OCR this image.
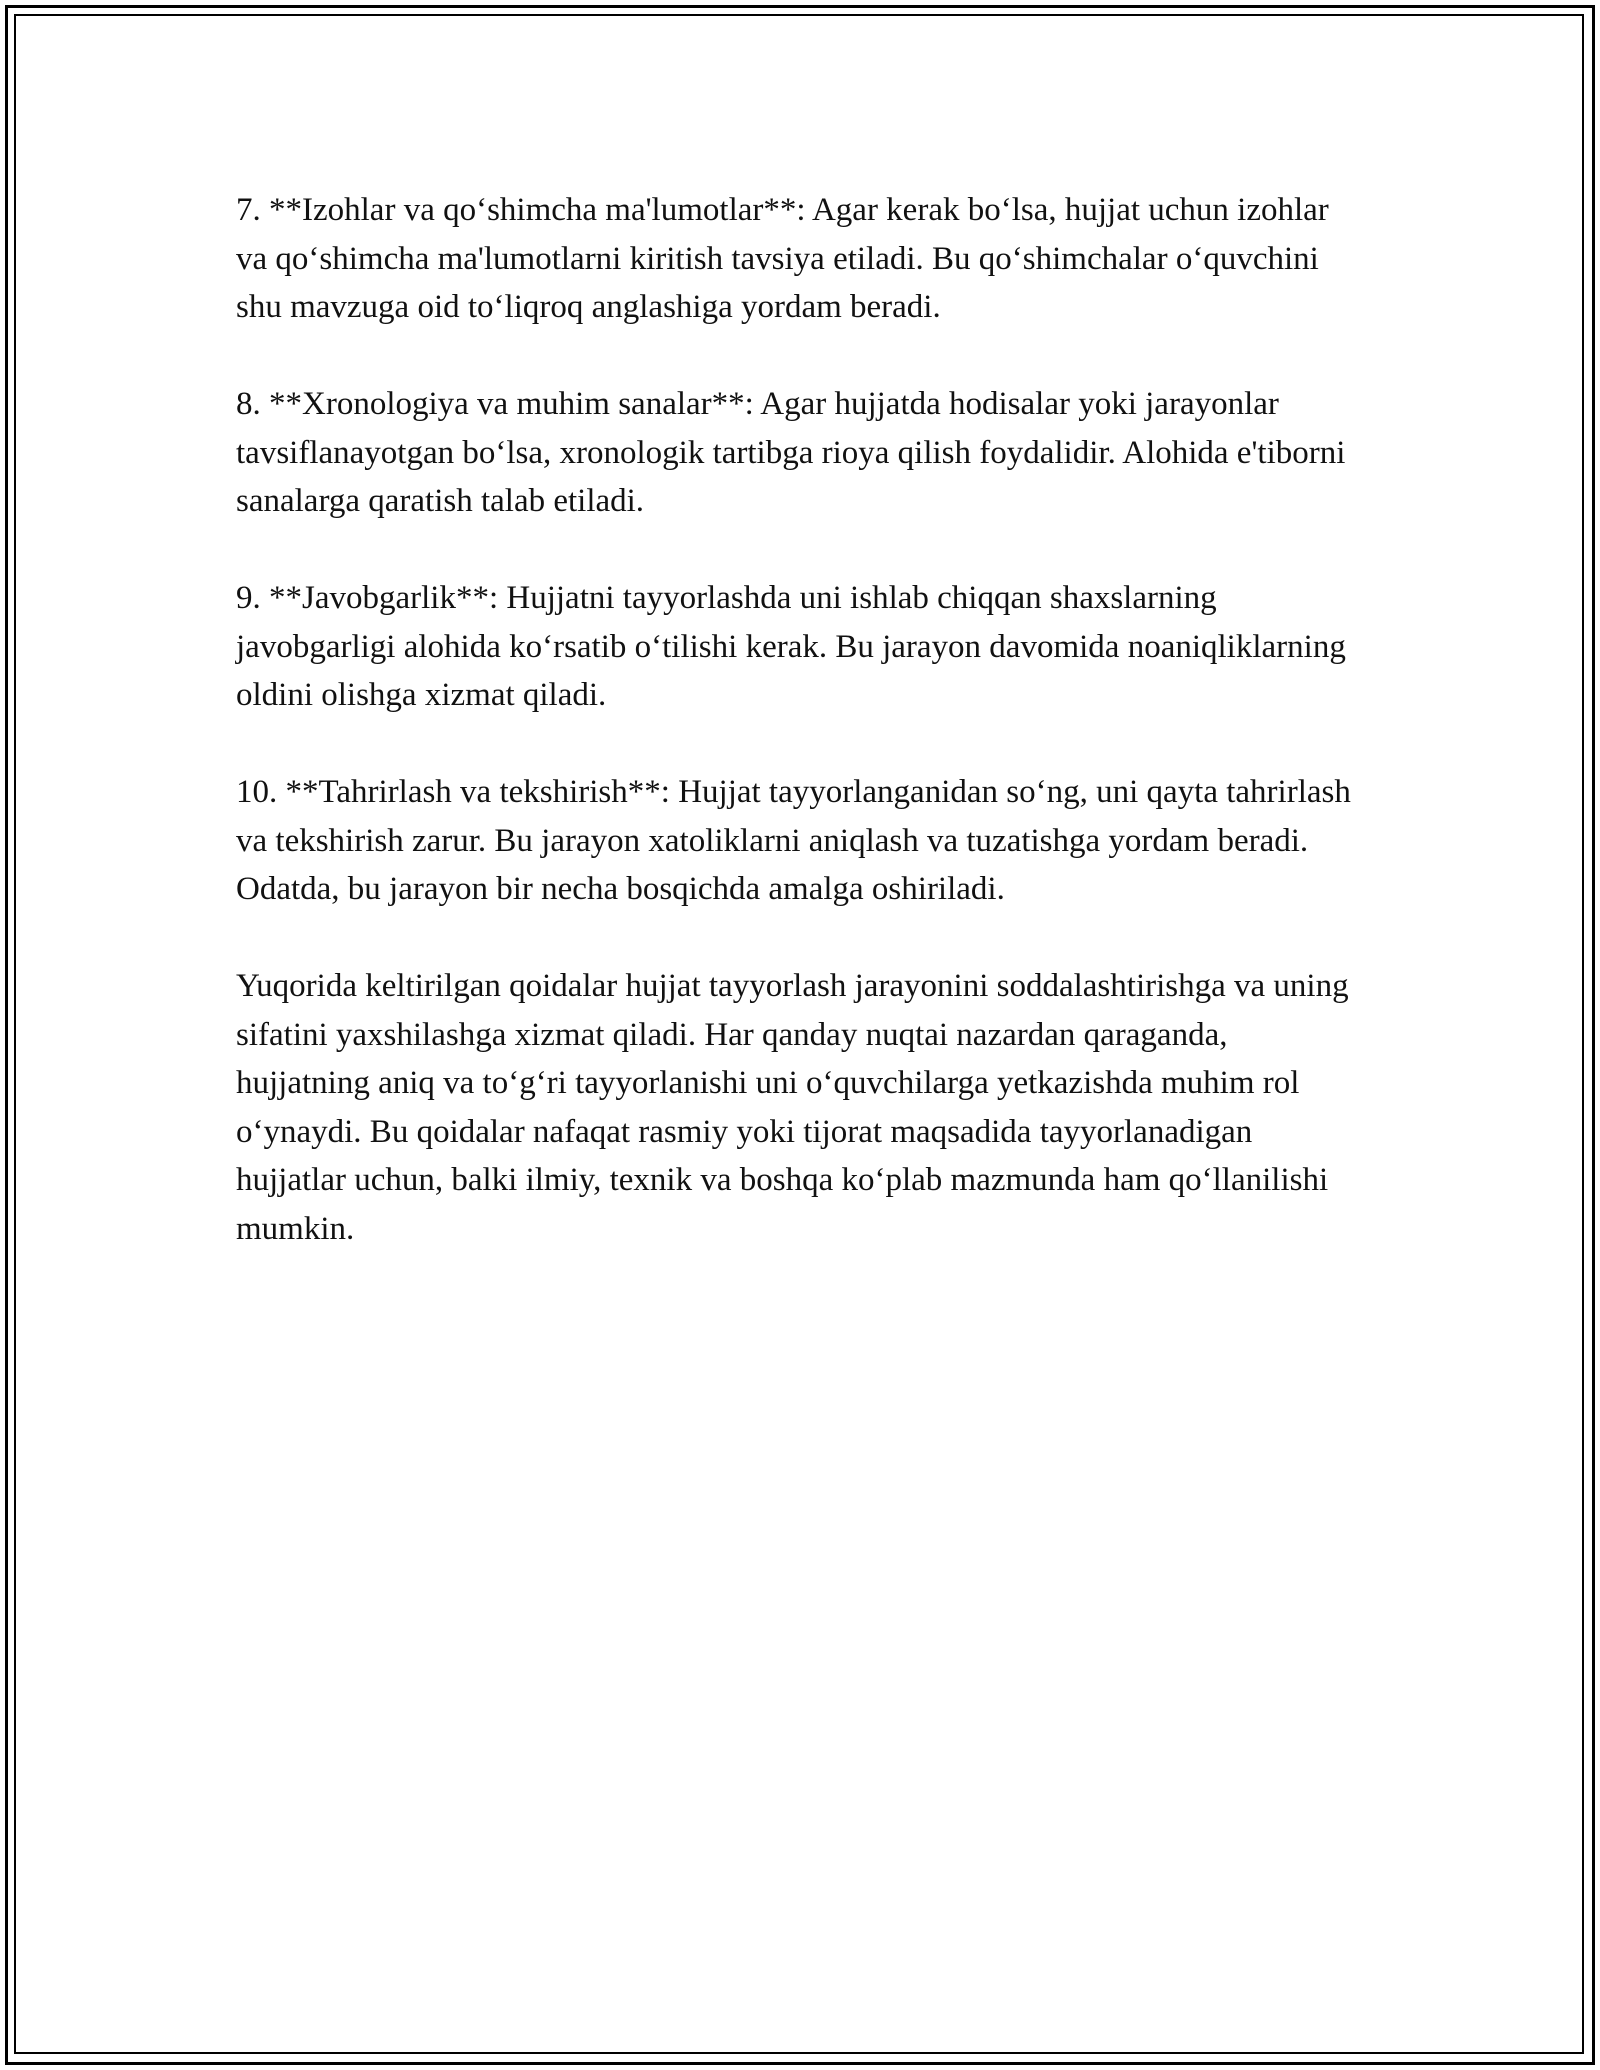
7. **Izohlar va qo‘shimcha ma'lumotlar**: Agar kerak bo‘lsa, hujjat uchun izohlar va qo‘shimcha ma'lumotlarni kiritish tavsiya etiladi. Bu qo‘shimchalar o‘quvchini shu mavzuga oid to‘liqroq anglashiga yordam beradi.

8. **Xronologiya va muhim sanalar**: Agar hujjatda hodisalar yoki jarayonlar tavsiflanayotgan bo‘lsa, xronologik tartibga rioya qilish foydalidir. Alohida e'tiborni sanalarga qaratish talab etiladi.

9. **Javobgarlik**: Hujjatni tayyorlashda uni ishlab chiqqan shaxslarning javobgarligi alohida ko‘rsatib o‘tilishi kerak. Bu jarayon davomida noaniqliklarning oldini olishga xizmat qiladi.

10. **Tahrirlash va tekshirish**: Hujjat tayyorlanganidan so‘ng, uni qayta tahrirlash va tekshirish zarur. Bu jarayon xatoliklarni aniqlash va tuzatishga yordam beradi. Odatda, bu jarayon bir necha bosqichda amalga oshiriladi.

Yuqorida keltirilgan qoidalar hujjat tayyorlash jarayonini soddalashtirishga va uning sifatini yaxshilashga xizmat qiladi. Har qanday nuqtai nazardan qaraganda, hujjatning aniq va to‘g‘ri tayyorlanishi uni o‘quvchilarga yetkazishda muhim rol o‘ynaydi. Bu qoidalar nafaqat rasmiy yoki tijorat maqsadida tayyorlanadigan hujjatlar uchun, balki ilmiy, texnik va boshqa ko‘plab mazmunda ham qo‘llanilishi mumkin.
